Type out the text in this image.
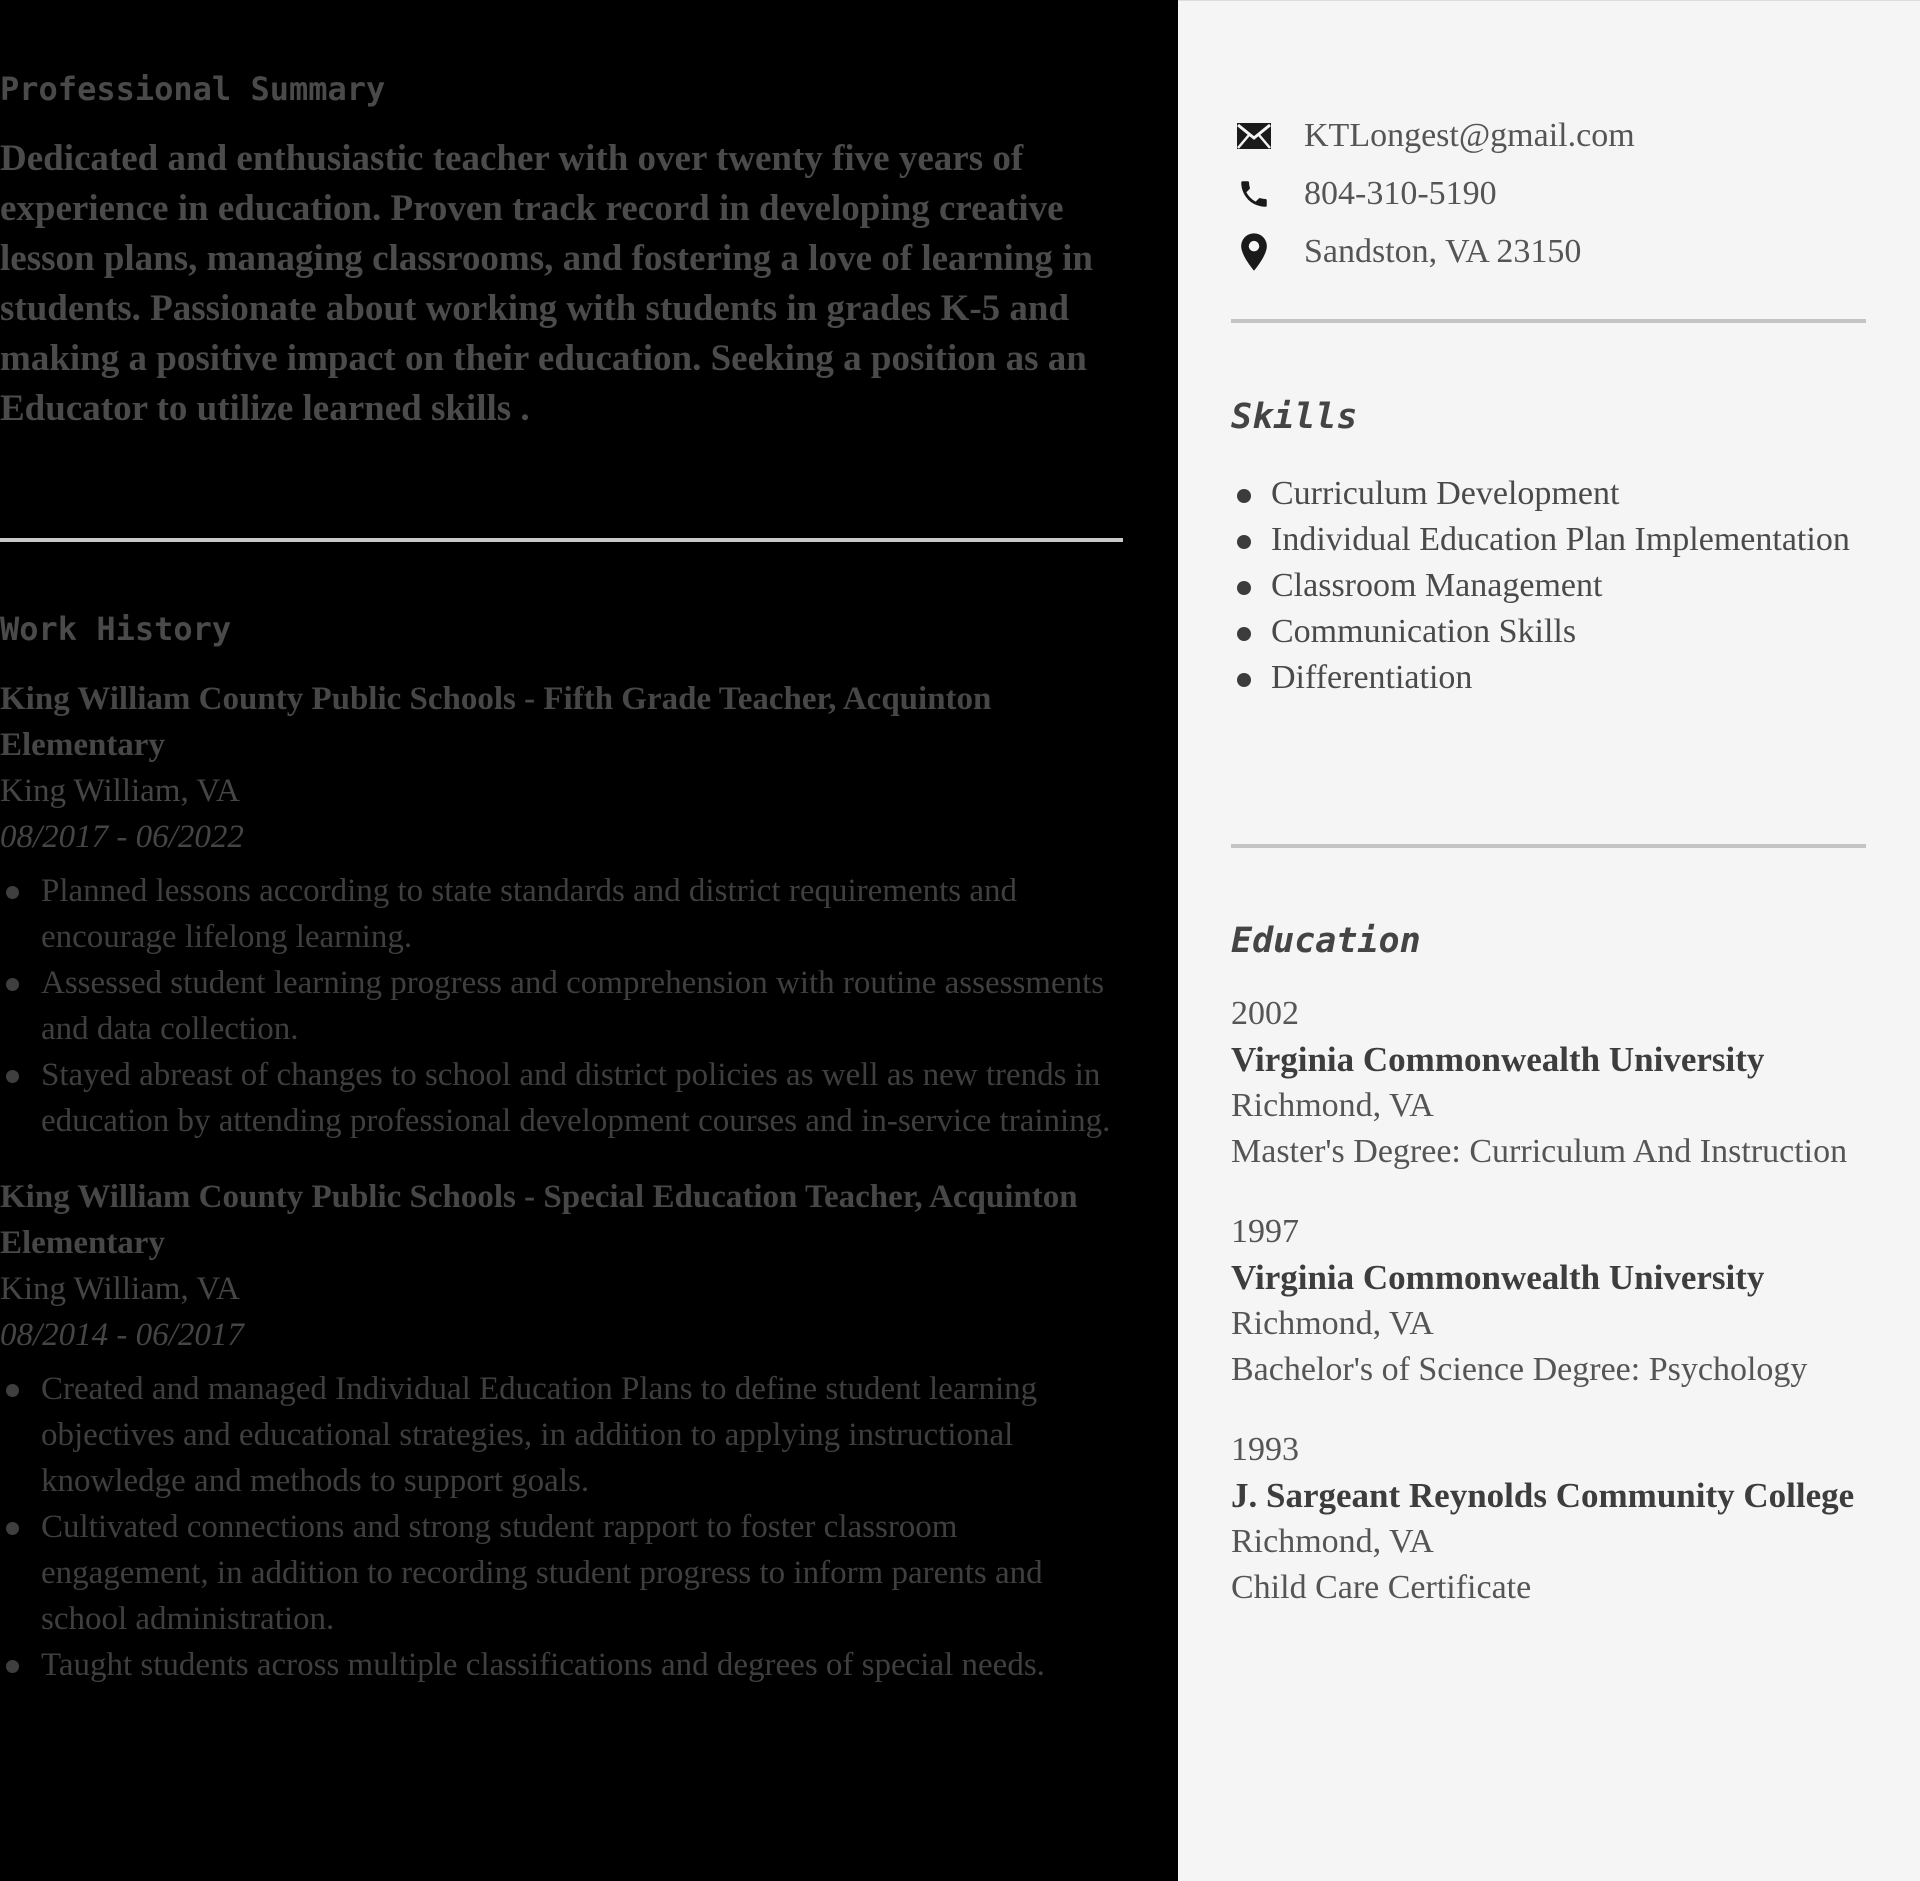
Professional Summary

Dedicated and enthusiastic teacher with over twenty five years of experience in education. Proven track record in developing creative lesson plans, managing classrooms, and fostering a love of learning in students. Passionate about working with students in grades K-5 and making a positive impact on their education. Seeking a position as an Educator to utilize learned skills .

Work History

King William County Public Schools - Fifth Grade Teacher, Acquinton Elementary

King William, VA

08/2017 - 06/2022

Planned lessons according to state standards and district requirements and encourage lifelong learning.
Assessed student learning progress and comprehension with routine assessments and data collection.
Stayed abreast of changes to school and district policies as well as new trends in education by attending professional development courses and in-service training.

King William County Public Schools - Special Education Teacher, Acquinton Elementary

King William, VA

08/2014 - 06/2017

Created and managed Individual Education Plans to define student learning objectives and educational strategies, in addition to applying instructional knowledge and methods to support goals.
Cultivated connections and strong student rapport to foster classroom engagement, in addition to recording student progress to inform parents and school administration.
Taught students across multiple classifications and degrees of special needs.
KTLongest@gmail.com
804-310-5190
Sandston, VA 23150
Skills
Curriculum Development
Individual Education Plan Implementation
Classroom Management
Communication Skills
Differentiation
Education

2002

Virginia Commonwealth University

Richmond, VA

Master's Degree: Curriculum And Instruction

1997

Virginia Commonwealth University

Richmond, VA

Bachelor's of Science Degree: Psychology

1993

J. Sargeant Reynolds Community College

Richmond, VA

Child Care Certificate
